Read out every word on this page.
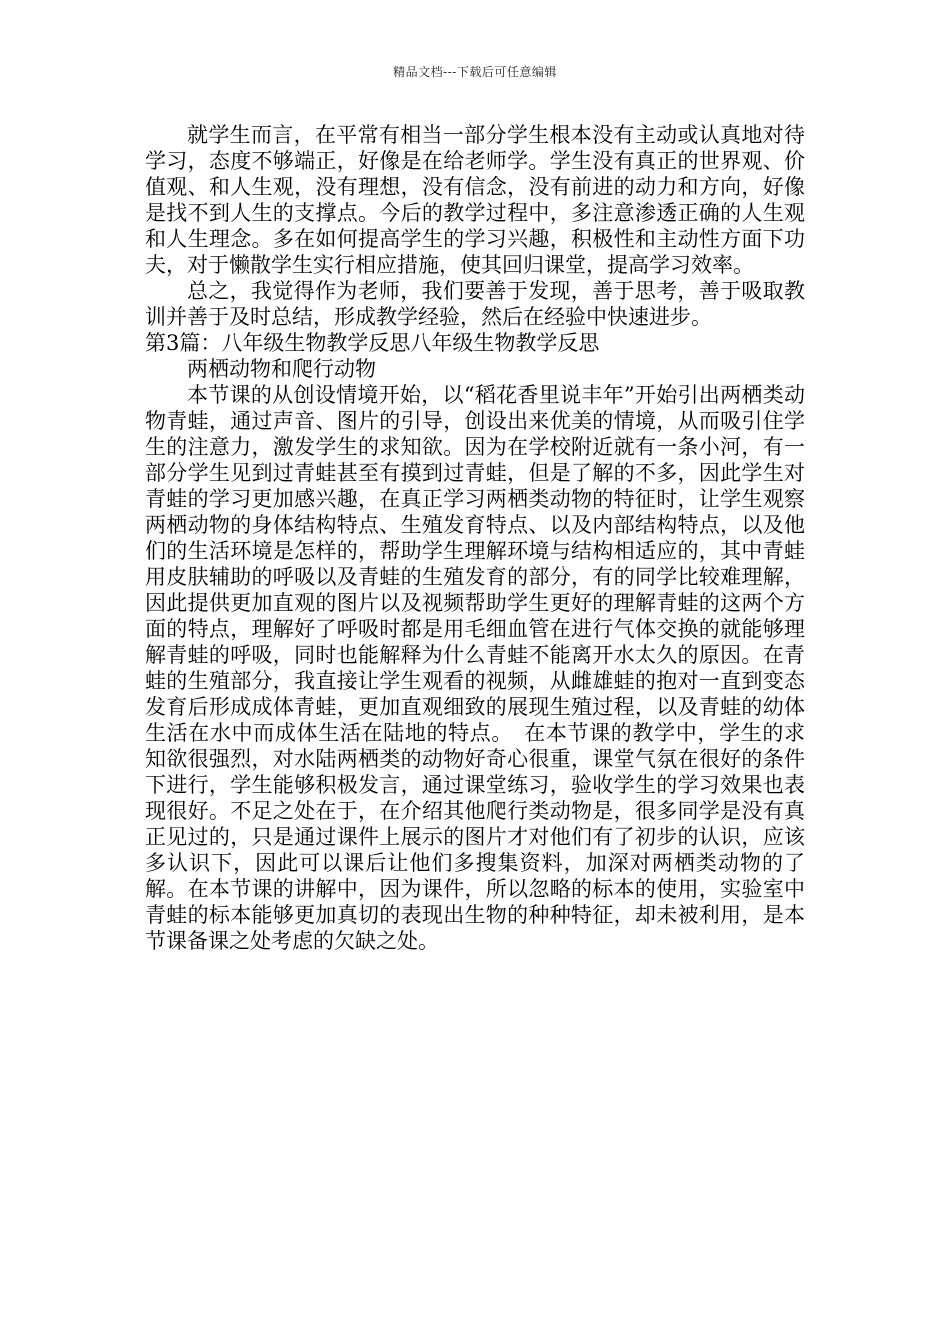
精品文档---下载后可任意编辑

就学生而言，在平常有相当一部分学生根本没有主动或认真地对待学习，态度不够端正，好像是在给老师学。学生没有真正的世界观、价值观、和人生观，没有理想，没有信念，没有前进的动力和方向，好像是找不到人生的支撑点。今后的教学过程中，多注意渗透正确的人生观和人生理念。多在如何提高学生的学习兴趣，积极性和主动性方面下功夫，对于懒散学生实行相应措施，使其回归课堂，提高学习效率。

总之，我觉得作为老师，我们要善于发现，善于思考，善于吸取教训并善于及时总结，形成教学经验，然后在经验中快速进步。

第3篇：八年级生物教学反思八年级生物教学反思

两栖动物和爬行动物

本节课的从创设情境开始，以“稻花香里说丰年”开始引出两栖类动物青蛙，通过声音、图片的引导，创设出来优美的情境，从而吸引住学生的注意力，激发学生的求知欲。因为在学校附近就有一条小河，有一部分学生见到过青蛙甚至有摸到过青蛙，但是了解的不多，因此学生对青蛙的学习更加感兴趣，在真正学习两栖类动物的特征时，让学生观察两栖动物的身体结构特点、生殖发育特点、以及内部结构特点，以及他们的生活环境是怎样的，帮助学生理解环境与结构相适应的，其中青蛙用皮肤辅助的呼吸以及青蛙的生殖发育的部分，有的同学比较难理解，因此提供更加直观的图片以及视频帮助学生更好的理解青蛙的这两个方面的特点，理解好了呼吸时都是用毛细血管在进行气体交换的就能够理解青蛙的呼吸，同时也能解释为什么青蛙不能离开水太久的原因。在青蛙的生殖部分，我直接让学生观看的视频，从雌雄蛙的抱对一直到变态发育后形成成体青蛙，更加直观细致的展现生殖过程，以及青蛙的幼体生活在水中而成体生活在陆地的特点。　在本节课的教学中，学生的求知欲很强烈，对水陆两栖类的动物好奇心很重，课堂气氛在很好的条件下进行，学生能够积极发言，通过课堂练习，验收学生的学习效果也表现很好。不足之处在于，在介绍其他爬行类动物是，很多同学是没有真正见过的，只是通过课件上展示的图片才对他们有了初步的认识，应该多认识下，因此可以课后让他们多搜集资料，加深对两栖类动物的了解。在本节课的讲解中，因为课件，所以忽略的标本的使用，实验室中青蛙的标本能够更加真切的表现出生物的种种特征，却未被利用，是本节课备课之处考虑的欠缺之处。
